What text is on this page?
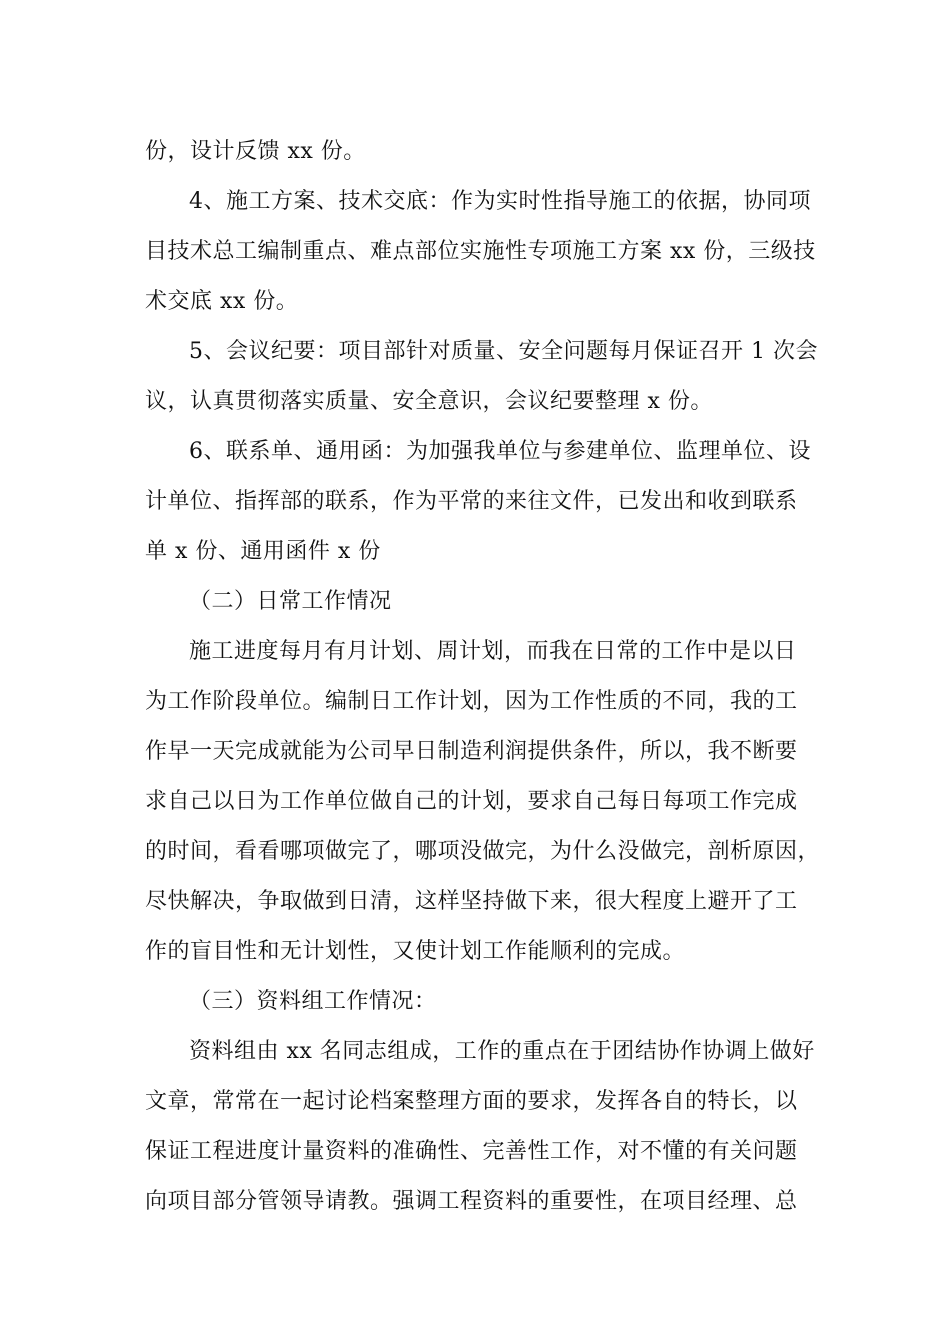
份，设计反馈 xx 份。
4、施工方案、技术交底：作为实时性指导施工的依据，协同项
目技术总工编制重点、难点部位实施性专项施工方案 xx 份，三级技
术交底 xx 份。
5、会议纪要：项目部针对质量、安全问题每月保证召开 1 次会
议，认真贯彻落实质量、安全意识，会议纪要整理 x 份。
6、联系单、通用函：为加强我单位与参建单位、监理单位、设
计单位、指挥部的联系，作为平常的来往文件，已发出和收到联系
单 x 份、通用函件 x 份
（二）日常工作情况
施工进度每月有月计划、周计划，而我在日常的工作中是以日
为工作阶段单位。编制日工作计划，因为工作性质的不同，我的工
作早一天完成就能为公司早日制造利润提供条件，所以，我不断要
求自己以日为工作单位做自己的计划，要求自己每日每项工作完成
的时间，看看哪项做完了，哪项没做完，为什么没做完，剖析原因，
尽快解决，争取做到日清，这样坚持做下来，很大程度上避开了工
作的盲目性和无计划性，又使计划工作能顺利的完成。
（三）资料组工作情况：
资料组由 xx 名同志组成，工作的重点在于团结协作协调上做好
文章，常常在一起讨论档案整理方面的要求，发挥各自的特长，以
保证工程进度计量资料的准确性、完善性工作，对不懂的有关问题
向项目部分管领导请教。强调工程资料的重要性，在项目经理、总
